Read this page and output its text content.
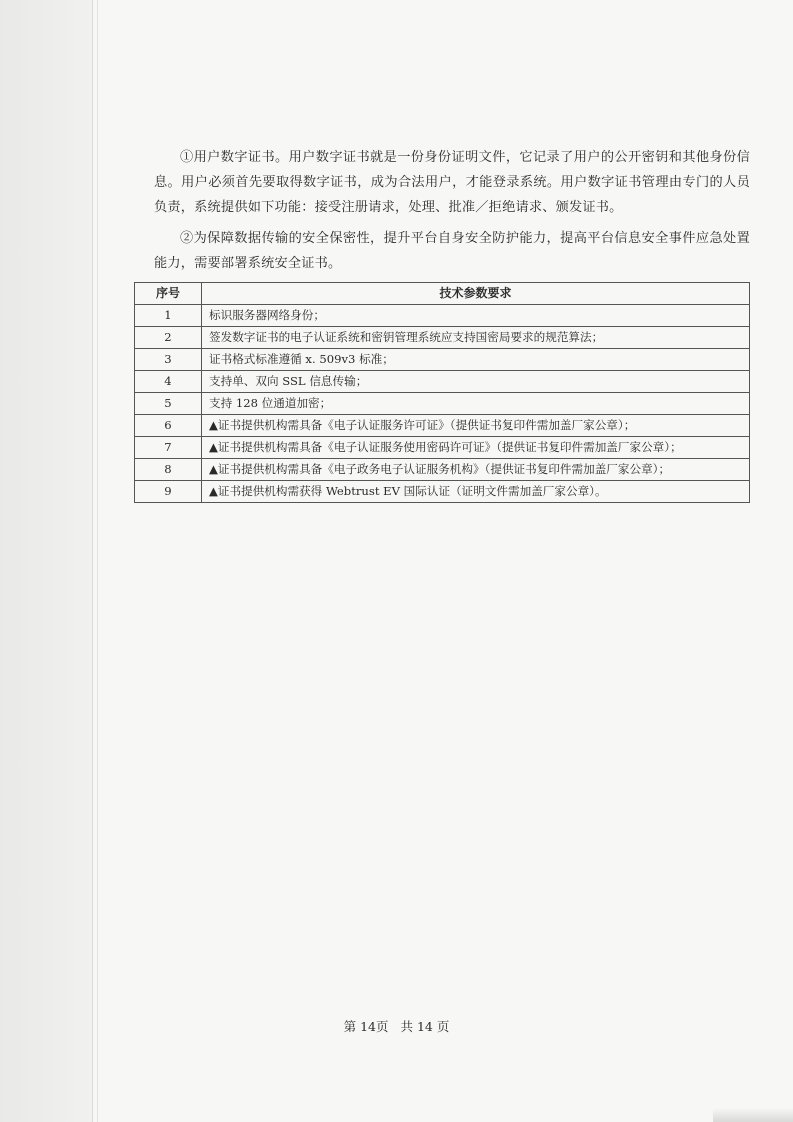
①用户数字证书。用户数字证书就是一份身份证明文件，它记录了用户的公开密钥和其他身份信息。用户必须首先要取得数字证书，成为合法用户，才能登录系统。用户数字证书管理由专门的人员负责，系统提供如下功能：接受注册请求，处理、批准／拒绝请求、颁发证书。

②为保障数据传输的安全保密性，提升平台自身安全防护能力，提高平台信息安全事件应急处置能力，需要部署系统安全证书。

序号	技术参数要求
1	标识服务器网络身份；
2	签发数字证书的电子认证系统和密钥管理系统应支持国密局要求的规范算法；
3	证书格式标准遵循 x. 509v3 标准；
4	支持单、双向 SSL 信息传输；
5	支持 128 位通道加密；
6	▲证书提供机构需具备《电子认证服务许可证》（提供证书复印件需加盖厂家公章）；
7	▲证书提供机构需具备《电子认证服务使用密码许可证》（提供证书复印件需加盖厂家公章）；
8	▲证书提供机构需具备《电子政务电子认证服务机构》（提供证书复印件需加盖厂家公章）；
9	▲证书提供机构需获得 Webtrust EV 国际认证（证明文件需加盖厂家公章）。
第 14页 共 14 页
